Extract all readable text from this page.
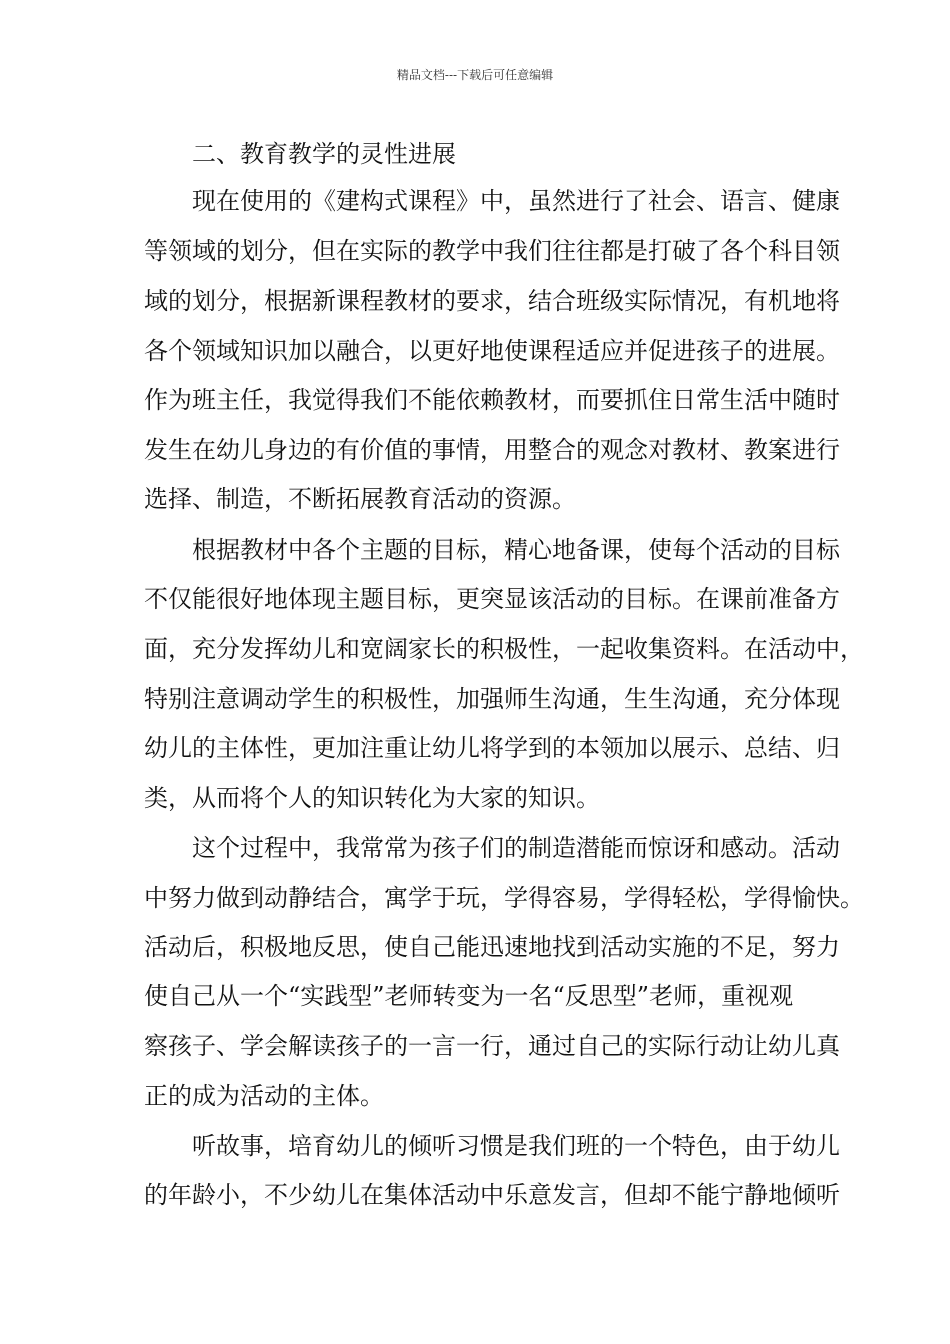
精品文档---下载后可任意编辑
二、教育教学的灵性进展
现在使用的《建构式课程》中，虽然进行了社会、语言、健康
等领域的划分，但在实际的教学中我们往往都是打破了各个科目领
域的划分，根据新课程教材的要求，结合班级实际情况，有机地将
各个领域知识加以融合，以更好地使课程适应并促进孩子的进展。
作为班主任，我觉得我们不能依赖教材，而要抓住日常生活中随时
发生在幼儿身边的有价值的事情，用整合的观念对教材、教案进行
选择、制造，不断拓展教育活动的资源。
根据教材中各个主题的目标，精心地备课，使每个活动的目标
不仅能很好地体现主题目标，更突显该活动的目标。在课前准备方
面，充分发挥幼儿和宽阔家长的积极性，一起收集资料。在活动中，
特别注意调动学生的积极性，加强师生沟通，生生沟通，充分体现
幼儿的主体性，更加注重让幼儿将学到的本领加以展示、总结、归
类，从而将个人的知识转化为大家的知识。
这个过程中，我常常为孩子们的制造潜能而惊讶和感动。活动
中努力做到动静结合，寓学于玩，学得容易，学得轻松，学得愉快。
活动后，积极地反思，使自己能迅速地找到活动实施的不足，努力
使自己从一个“实践型”老师转变为一名“反思型”老师，重视观
察孩子、学会解读孩子的一言一行，通过自己的实际行动让幼儿真
正的成为活动的主体。
听故事，培育幼儿的倾听习惯是我们班的一个特色，由于幼儿
的年龄小，不少幼儿在集体活动中乐意发言，但却不能宁静地倾听
